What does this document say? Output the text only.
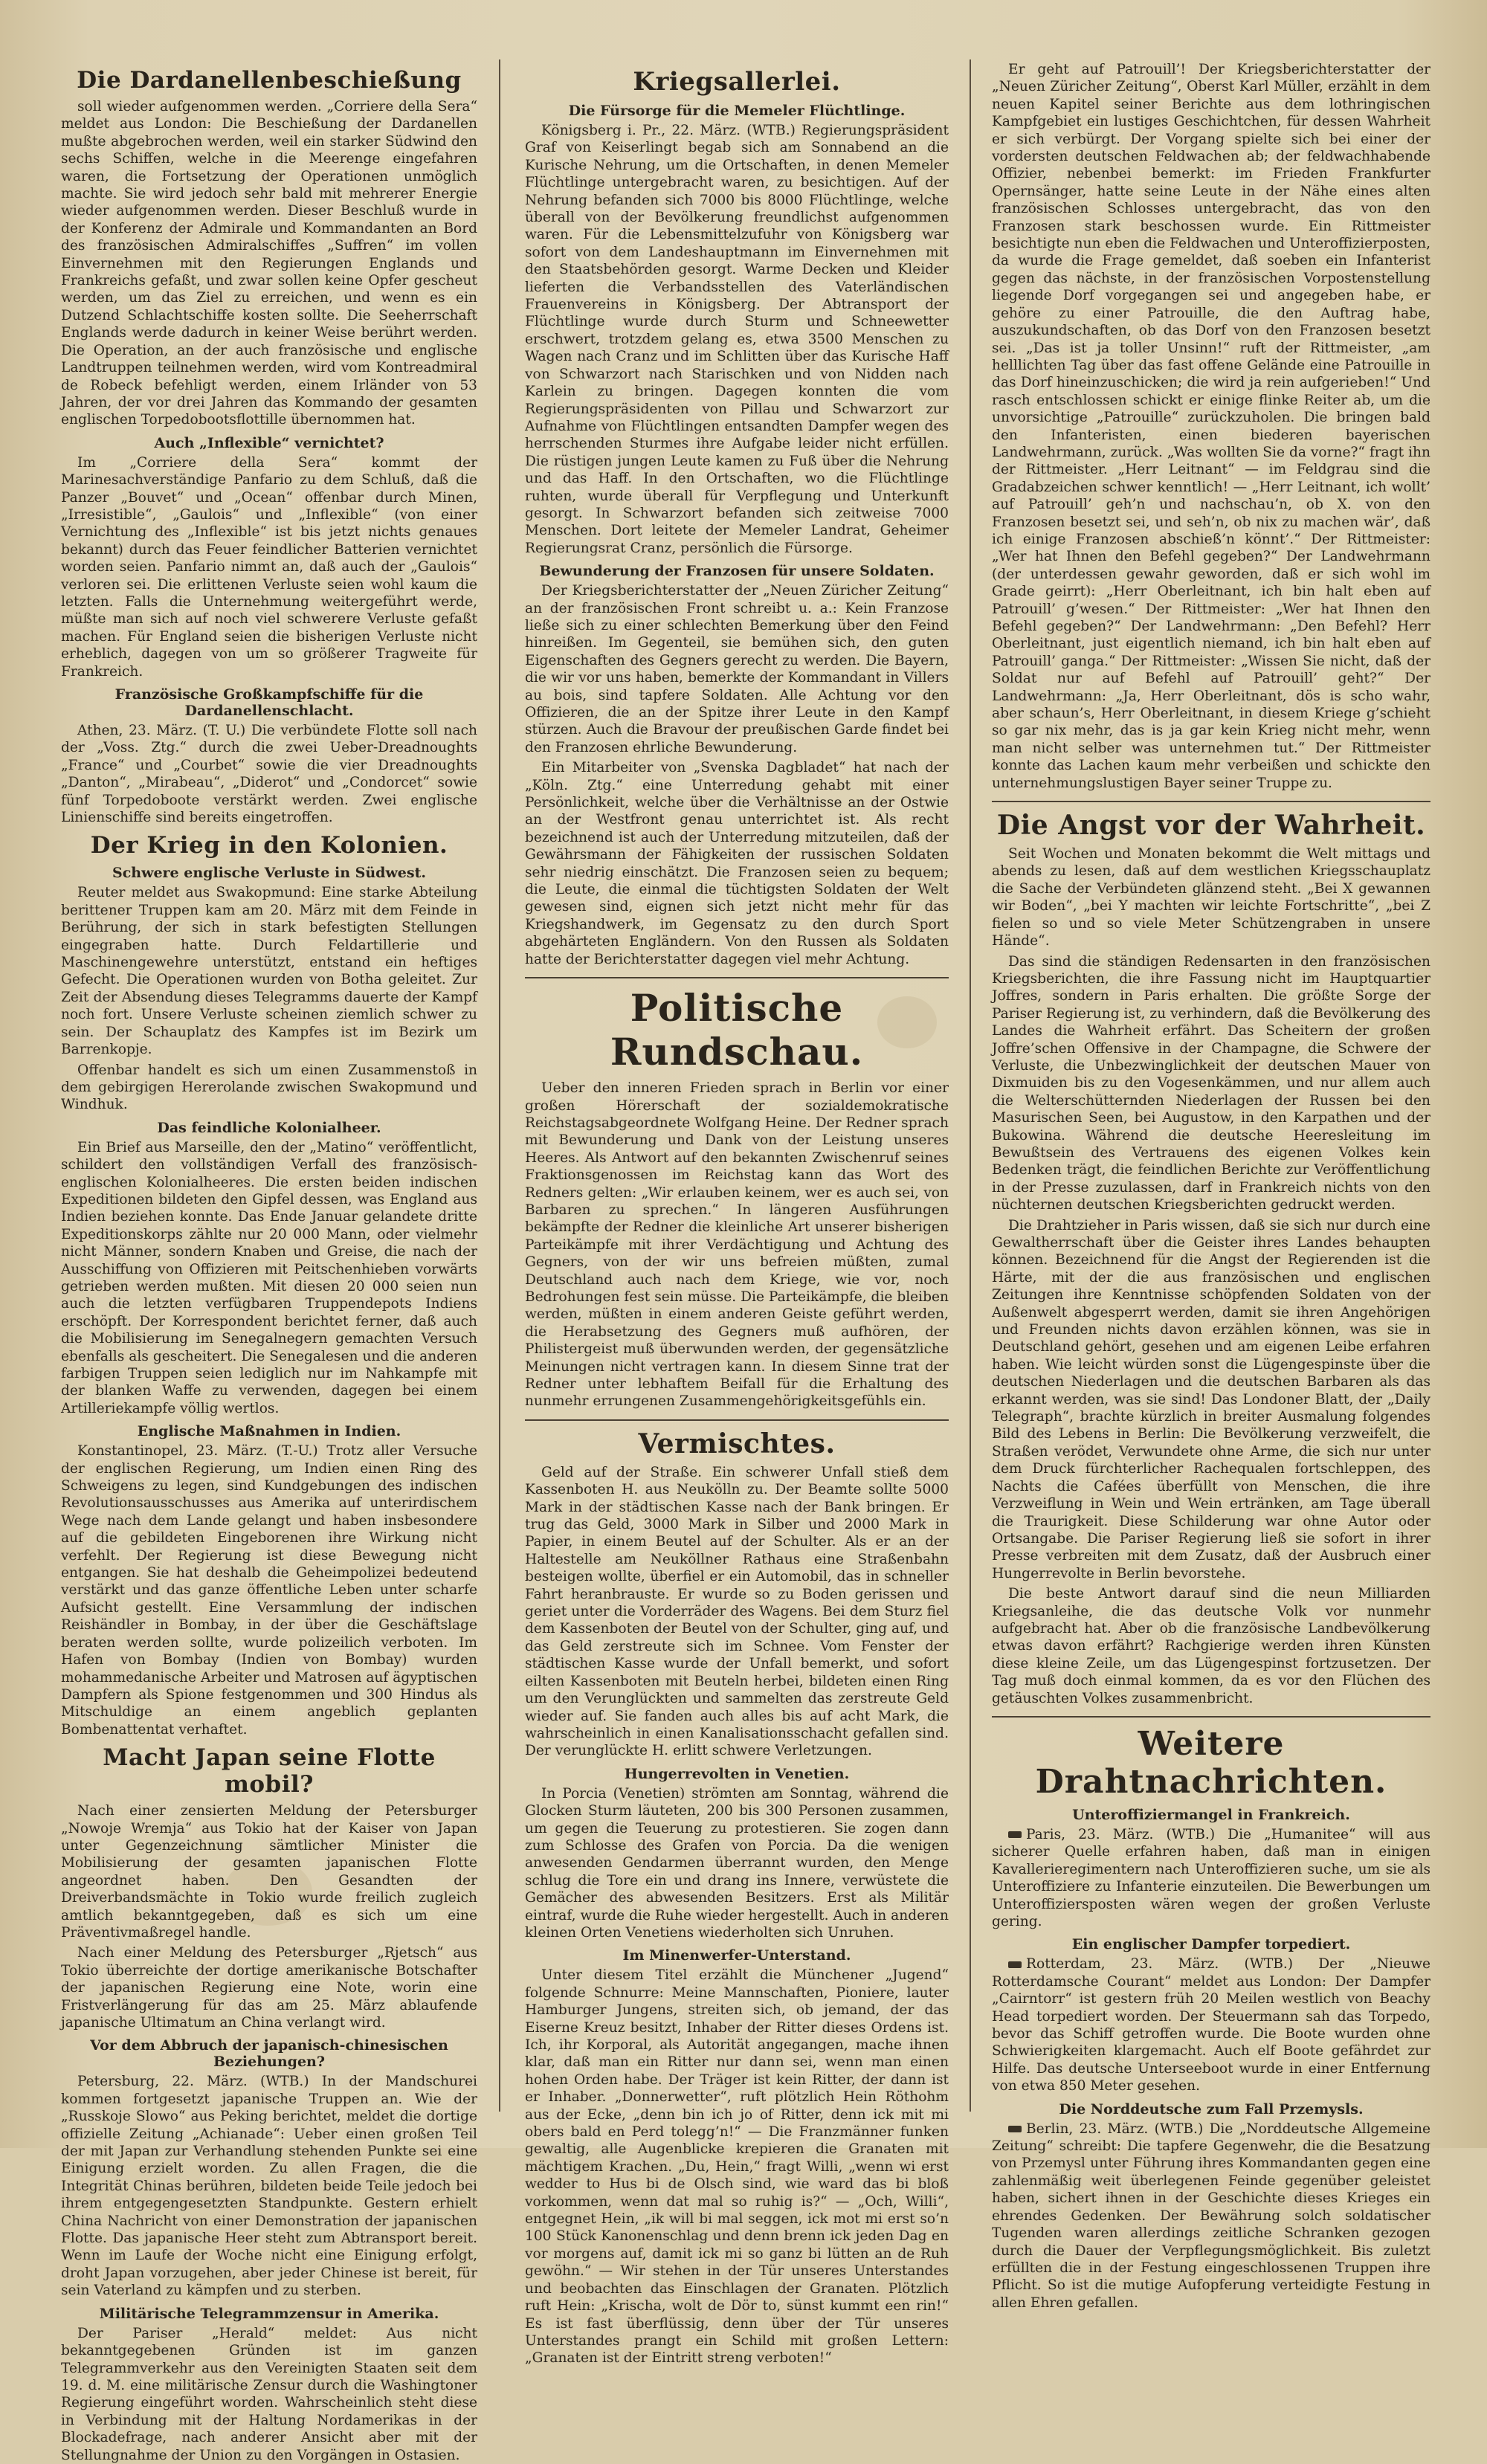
Die Dardanellenbeschießung

soll wieder aufgenommen werden. „Corriere della Sera“ meldet aus London: Die Beschießung der Dardanellen mußte abgebrochen werden, weil ein starker Südwind den sechs Schiffen, welche in die Meerenge eingefahren waren, die Fortsetzung der Operationen unmöglich machte. Sie wird jedoch sehr bald mit mehrerer Energie wieder aufgenommen werden. Dieser Beschluß wurde in der Konferenz der Admirale und Kommandanten an Bord des französischen Admiralschiffes „Suffren“ im vollen Einvernehmen mit den Regierungen Englands und Frankreichs gefaßt, und zwar sollen keine Opfer gescheut werden, um das Ziel zu erreichen, und wenn es ein Dutzend Schlachtschiffe kosten sollte. Die Seeherrschaft Englands werde dadurch in keiner Weise berührt werden. Die Operation, an der auch französische und englische Landtruppen teilnehmen werden, wird vom Kontreadmiral de Robeck befehligt werden, einem Irländer von 53 Jahren, der vor drei Jahren das Kommando der gesamten englischen Torpedobootsflottille übernommen hat.

Auch „Inflexible“ vernichtet?

Im „Corriere della Sera“ kommt der Marinesachverständige Panfario zu dem Schluß, daß die Panzer „Bouvet“ und „Ocean“ offenbar durch Minen, „Irresistible“, „Gaulois“ und „Inflexible“ (von einer Vernichtung des „Inflexible“ ist bis jetzt nichts genaues bekannt) durch das Feuer feindlicher Batterien vernichtet worden seien. Panfario nimmt an, daß auch der „Gaulois“ verloren sei. Die erlittenen Verluste seien wohl kaum die letzten. Falls die Unternehmung weitergeführt werde, müßte man sich auf noch viel schwerere Verluste gefaßt machen. Für England seien die bisherigen Verluste nicht erheblich, dagegen von um so größerer Tragweite für Frankreich.

Französische Großkampfschiffe für die Dardanellenschlacht.

Athen, 23. März. (T. U.) Die verbündete Flotte soll nach der „Voss. Ztg.“ durch die zwei Ueber-Dreadnoughts „France“ und „Courbet“ sowie die vier Dreadnoughts „Danton“, „Mirabeau“, „Diderot“ und „Condorcet“ sowie fünf Torpedoboote verstärkt werden. Zwei englische Linienschiffe sind bereits eingetroffen.

Der Krieg in den Kolonien.
Schwere englische Verluste in Südwest.

Reuter meldet aus Swakopmund: Eine starke Abteilung berittener Truppen kam am 20. März mit dem Feinde in Berührung, der sich in stark befestigten Stellungen eingegraben hatte. Durch Feldartillerie und Maschinengewehre unterstützt, entstand ein heftiges Gefecht. Die Operationen wurden von Botha geleitet. Zur Zeit der Absendung dieses Telegramms dauerte der Kampf noch fort. Unsere Verluste scheinen ziemlich schwer zu sein. Der Schauplatz des Kampfes ist im Bezirk um Barrenkopje.

Offenbar handelt es sich um einen Zusammenstoß in dem gebirgigen Hererolande zwischen Swakopmund und Windhuk.

Das feindliche Kolonialheer.

Ein Brief aus Marseille, den der „Matino“ veröffentlicht, schildert den vollständigen Verfall des französisch-englischen Kolonialheeres. Die ersten beiden indischen Expeditionen bildeten den Gipfel dessen, was England aus Indien beziehen konnte. Das Ende Januar gelandete dritte Expeditionskorps zählte nur 20 000 Mann, oder vielmehr nicht Männer, sondern Knaben und Greise, die nach der Ausschiffung von Offizieren mit Peitschenhieben vorwärts getrieben werden mußten. Mit diesen 20 000 seien nun auch die letzten verfügbaren Truppendepots Indiens erschöpft. Der Korrespondent berichtet ferner, daß auch die Mobilisierung im Senegalnegern gemachten Versuch ebenfalls als gescheitert. Die Senegalesen und die anderen farbigen Truppen seien lediglich nur im Nahkampfe mit der blanken Waffe zu verwenden, dagegen bei einem Artilleriekampfe völlig wertlos.

Englische Maßnahmen in Indien.

Konstantinopel, 23. März. (T.-U.) Trotz aller Versuche der englischen Regierung, um Indien einen Ring des Schweigens zu legen, sind Kundgebungen des indischen Revolutionsausschusses aus Amerika auf unterirdischem Wege nach dem Lande gelangt und haben insbesondere auf die gebildeten Eingeborenen ihre Wirkung nicht verfehlt. Der Regierung ist diese Bewegung nicht entgangen. Sie hat deshalb die Geheimpolizei bedeutend verstärkt und das ganze öffentliche Leben unter scharfe Aufsicht gestellt. Eine Versammlung der indischen Reishändler in Bombay, in der über die Geschäftslage beraten werden sollte, wurde polizeilich verboten. Im Hafen von Bombay (Indien von Bombay) wurden mohammedanische Arbeiter und Matrosen auf ägyptischen Dampfern als Spione festgenommen und 300 Hindus als Mitschuldige an einem angeblich geplanten Bombenattentat verhaftet.

Macht Japan seine Flotte mobil?

Nach einer zensierten Meldung der Petersburger „Nowoje Wremja“ aus Tokio hat der Kaiser von Japan unter Gegenzeichnung sämtlicher Minister die Mobilisierung der gesamten japanischen Flotte angeordnet haben. Den Gesandten der Dreiverbandsmächte in Tokio wurde freilich zugleich amtlich bekanntgegeben, daß es sich um eine Präventivmaßregel handle.

Nach einer Meldung des Petersburger „Rjetsch“ aus Tokio überreichte der dortige amerikanische Botschafter der japanischen Regierung eine Note, worin eine Fristverlängerung für das am 25. März ablaufende japanische Ultimatum an China verlangt wird.

Vor dem Abbruch der japanisch-chinesischen Beziehungen?

Petersburg, 22. März. (WTB.) In der Mandschurei kommen fortgesetzt japanische Truppen an. Wie der „Russkoje Slowo“ aus Peking berichtet, meldet die dortige offizielle Zeitung „Achianade“: Ueber einen großen Teil der mit Japan zur Verhandlung stehenden Punkte sei eine Einigung erzielt worden. Zu allen Fragen, die die Integrität Chinas berühren, bildeten beide Teile jedoch bei ihrem entgegengesetzten Standpunkte. Gestern erhielt China Nachricht von einer Demonstration der japanischen Flotte. Das japanische Heer steht zum Abtransport bereit. Wenn im Laufe der Woche nicht eine Einigung erfolgt, droht Japan vorzugehen, aber jeder Chinese ist bereit, für sein Vaterland zu kämpfen und zu sterben.

Militärische Telegrammzensur in Amerika.

Der Pariser „Herald“ meldet: Aus nicht bekanntgegebenen Gründen ist im ganzen Telegrammverkehr aus den Vereinigten Staaten seit dem 19. d. M. eine militärische Zensur durch die Washingtoner Regierung eingeführt worden. Wahrscheinlich steht diese in Verbindung mit der Haltung Nordamerikas in der Blockadefrage, nach anderer Ansicht aber mit der Stellungnahme der Union zu den Vorgängen in Ostasien.

Kriegsallerlei.
Die Fürsorge für die Memeler Flüchtlinge.

Königsberg i. Pr., 22. März. (WTB.) Regierungspräsident Graf von Keiserlingt begab sich am Sonnabend an die Kurische Nehrung, um die Ortschaften, in denen Memeler Flüchtlinge untergebracht waren, zu besichtigen. Auf der Nehrung befanden sich 7000 bis 8000 Flüchtlinge, welche überall von der Bevölkerung freundlichst aufgenommen waren. Für die Lebensmittelzufuhr von Königsberg war sofort von dem Landeshauptmann im Einvernehmen mit den Staatsbehörden gesorgt. Warme Decken und Kleider lieferten die Verbandsstellen des Vaterländischen Frauenvereins in Königsberg. Der Abtransport der Flüchtlinge wurde durch Sturm und Schneewetter erschwert, trotzdem gelang es, etwa 3500 Menschen zu Wagen nach Cranz und im Schlitten über das Kurische Haff von Schwarzort nach Starischken und von Nidden nach Karlein zu bringen. Dagegen konnten die vom Regierungspräsidenten von Pillau und Schwarzort zur Aufnahme von Flüchtlingen entsandten Dampfer wegen des herrschenden Sturmes ihre Aufgabe leider nicht erfüllen. Die rüstigen jungen Leute kamen zu Fuß über die Nehrung und das Haff. In den Ortschaften, wo die Flüchtlinge ruhten, wurde überall für Verpflegung und Unterkunft gesorgt. In Schwarzort befanden sich zeitweise 7000 Menschen. Dort leitete der Memeler Landrat, Geheimer Regierungsrat Cranz, persönlich die Fürsorge.

Bewunderung der Franzosen für unsere Soldaten.

Der Kriegsberichterstatter der „Neuen Züricher Zeitung“ an der französischen Front schreibt u. a.: Kein Franzose ließe sich zu einer schlechten Bemerkung über den Feind hinreißen. Im Gegenteil, sie bemühen sich, den guten Eigenschaften des Gegners gerecht zu werden. Die Bayern, die wir vor uns haben, bemerkte der Kommandant in Villers au bois, sind tapfere Soldaten. Alle Achtung vor den Offizieren, die an der Spitze ihrer Leute in den Kampf stürzen. Auch die Bravour der preußischen Garde findet bei den Franzosen ehrliche Bewunderung.

Ein Mitarbeiter von „Svenska Dagbladet“ hat nach der „Köln. Ztg.“ eine Unterredung gehabt mit einer Persönlichkeit, welche über die Verhältnisse an der Ostwie an der Westfront genau unterrichtet ist. Als recht bezeichnend ist auch der Unterredung mitzuteilen, daß der Gewährsmann der Fähigkeiten der russischen Soldaten sehr niedrig einschätzt. Die Franzosen seien zu bequem; die Leute, die einmal die tüchtigsten Soldaten der Welt gewesen sind, eignen sich jetzt nicht mehr für das Kriegshandwerk, im Gegensatz zu den durch Sport abgehärteten Engländern. Von den Russen als Soldaten hatte der Berichterstatter dagegen viel mehr Achtung.

Politische Rundschau.

Ueber den inneren Frieden sprach in Berlin vor einer großen Hörerschaft der sozialdemokratische Reichstagsabgeordnete Wolfgang Heine. Der Redner sprach mit Bewunderung und Dank von der Leistung unseres Heeres. Als Antwort auf den bekannten Zwischenruf seines Fraktionsgenossen im Reichstag kann das Wort des Redners gelten: „Wir erlauben keinem, wer es auch sei, von Barbaren zu sprechen.“ In längeren Ausführungen bekämpfte der Redner die kleinliche Art unserer bisherigen Parteikämpfe mit ihrer Verdächtigung und Achtung des Gegners, von der wir uns befreien müßten, zumal Deutschland auch nach dem Kriege, wie vor, noch Bedrohungen fest sein müsse. Die Parteikämpfe, die bleiben werden, müßten in einem anderen Geiste geführt werden, die Herabsetzung des Gegners muß aufhören, der Philistergeist muß überwunden werden, der gegensätzliche Meinungen nicht vertragen kann. In diesem Sinne trat der Redner unter lebhaftem Beifall für die Erhaltung des nunmehr errungenen Zusammengehörigkeitsgefühls ein.

Vermischtes.

Geld auf der Straße. Ein schwerer Unfall stieß dem Kassenboten H. aus Neukölln zu. Der Beamte sollte 5000 Mark in der städtischen Kasse nach der Bank bringen. Er trug das Geld, 3000 Mark in Silber und 2000 Mark in Papier, in einem Beutel auf der Schulter. Als er an der Haltestelle am Neuköllner Rathaus eine Straßenbahn besteigen wollte, überfiel er ein Automobil, das in schneller Fahrt heranbrauste. Er wurde so zu Boden gerissen und geriet unter die Vorderräder des Wagens. Bei dem Sturz fiel dem Kassenboten der Beutel von der Schulter, ging auf, und das Geld zerstreute sich im Schnee. Vom Fenster der städtischen Kasse wurde der Unfall bemerkt, und sofort eilten Kassenboten mit Beuteln herbei, bildeten einen Ring um den Verunglückten und sammelten das zerstreute Geld wieder auf. Sie fanden auch alles bis auf acht Mark, die wahrscheinlich in einen Kanalisationsschacht gefallen sind. Der verunglückte H. erlitt schwere Verletzungen.

Hungerrevolten in Venetien.

In Porcia (Venetien) strömten am Sonntag, während die Glocken Sturm läuteten, 200 bis 300 Personen zusammen, um gegen die Teuerung zu protestieren. Sie zogen dann zum Schlosse des Grafen von Porcia. Da die wenigen anwesenden Gendarmen überrannt wurden, den Menge schlug die Tore ein und drang ins Innere, verwüstete die Gemächer des abwesenden Besitzers. Erst als Militär eintraf, wurde die Ruhe wieder hergestellt. Auch in anderen kleinen Orten Venetiens wiederholten sich Unruhen.

Im Minenwerfer-Unterstand.

Unter diesem Titel erzählt die Münchener „Jugend“ folgende Schnurre: Meine Mannschaften, Pioniere, lauter Hamburger Jungens, streiten sich, ob jemand, der das Eiserne Kreuz besitzt, Inhaber der Ritter dieses Ordens ist. Ich, ihr Korporal, als Autorität angegangen, mache ihnen klar, daß man ein Ritter nur dann sei, wenn man einen hohen Orden habe. Der Träger ist kein Ritter, der dann ist er Inhaber. „Donnerwetter“, ruft plötzlich Hein Röthohm aus der Ecke, „denn bin ich jo of Ritter, denn ick mit mi obers bald en Perd tolegg’n!“ — Die Franzmänner funken gewaltig, alle Augenblicke krepieren die Granaten mit mächtigem Krachen. „Du, Hein,“ fragt Willi, „wenn wi erst wedder to Hus bi de Olsch sind, wie ward das bi bloß vorkommen, wenn dat mal so ruhig is?“ — „Och, Willi“, entgegnet Hein, „ik will bi mal seggen, ick mot mi erst so’n 100 Stück Kanonenschlag und denn brenn ick jeden Dag en vor morgens auf, damit ick mi so ganz bi lütten an de Ruh gewöhn.“ — Wir stehen in der Tür unseres Unterstandes und beobachten das Einschlagen der Granaten. Plötzlich ruft Hein: „Krischa, wolt de Dör to, sünst kummt een rin!“ Es ist fast überflüssig, denn über der Tür unseres Unterstandes prangt ein Schild mit großen Lettern: „Granaten ist der Eintritt streng verboten!“

Er geht auf Patrouill’! Der Kriegsberichterstatter der „Neuen Züricher Zeitung“, Oberst Karl Müller, erzählt in dem neuen Kapitel seiner Berichte aus dem lothringischen Kampfgebiet ein lustiges Geschichtchen, für dessen Wahrheit er sich verbürgt. Der Vorgang spielte sich bei einer der vordersten deutschen Feldwachen ab; der feldwachhabende Offizier, nebenbei bemerkt: im Frieden Frankfurter Opernsänger, hatte seine Leute in der Nähe eines alten französischen Schlosses untergebracht, das von den Franzosen stark beschossen wurde. Ein Rittmeister besichtigte nun eben die Feldwachen und Unteroffizierposten, da wurde die Frage gemeldet, daß soeben ein Infanterist gegen das nächste, in der französischen Vorpostenstellung liegende Dorf vorgegangen sei und angegeben habe, er gehöre zu einer Patrouille, die den Auftrag habe, auszukundschaften, ob das Dorf von den Franzosen besetzt sei. „Das ist ja toller Unsinn!“ ruft der Rittmeister, „am helllichten Tag über das fast offene Gelände eine Patrouille in das Dorf hineinzuschicken; die wird ja rein aufgerieben!“ Und rasch entschlossen schickt er einige flinke Reiter ab, um die unvorsichtige „Patrouille“ zurückzuholen. Die bringen bald den Infanteristen, einen biederen bayerischen Landwehrmann, zurück. „Was wollten Sie da vorne?“ fragt ihn der Rittmeister. „Herr Leitnant“ — im Feldgrau sind die Gradabzeichen schwer kenntlich! — „Herr Leitnant, ich wollt’ auf Patrouill’ geh’n und nachschau’n, ob X. von den Franzosen besetzt sei, und seh’n, ob nix zu machen wär’, daß ich einige Franzosen abschieß’n könnt’.“ Der Rittmeister: „Wer hat Ihnen den Befehl gegeben?“ Der Landwehrmann (der unterdessen gewahr geworden, daß er sich wohl im Grade geirrt): „Herr Oberleitnant, ich bin halt eben auf Patrouill’ g’wesen.“ Der Rittmeister: „Wer hat Ihnen den Befehl gegeben?“ Der Landwehrmann: „Den Befehl? Herr Oberleitnant, just eigentlich niemand, ich bin halt eben auf Patrouill’ ganga.“ Der Rittmeister: „Wissen Sie nicht, daß der Soldat nur auf Befehl auf Patrouill’ geht?“ Der Landwehrmann: „Ja, Herr Oberleitnant, dös is scho wahr, aber schaun’s, Herr Oberleitnant, in diesem Kriege g’schieht so gar nix mehr, das is ja gar kein Krieg nicht mehr, wenn man nicht selber was unternehmen tut.“ Der Rittmeister konnte das Lachen kaum mehr verbeißen und schickte den unternehmungslustigen Bayer seiner Truppe zu.

Die Angst vor der Wahrheit.

Seit Wochen und Monaten bekommt die Welt mittags und abends zu lesen, daß auf dem westlichen Kriegsschauplatz die Sache der Verbündeten glänzend steht. „Bei X gewannen wir Boden“, „bei Y machten wir leichte Fortschritte“, „bei Z fielen so und so viele Meter Schützengraben in unsere Hände“.

Das sind die ständigen Redensarten in den französischen Kriegsberichten, die ihre Fassung nicht im Hauptquartier Joffres, sondern in Paris erhalten. Die größte Sorge der Pariser Regierung ist, zu verhindern, daß die Bevölkerung des Landes die Wahrheit erfährt. Das Scheitern der großen Joffre’schen Offensive in der Champagne, die Schwere der Verluste, die Unbezwinglichkeit der deutschen Mauer von Dixmuiden bis zu den Vogesenkämmen, und nur allem auch die Welterschütternden Niederlagen der Russen bei den Masurischen Seen, bei Augustow, in den Karpathen und der Bukowina. Während die deutsche Heeresleitung im Bewußtsein des Vertrauens des eigenen Volkes kein Bedenken trägt, die feindlichen Berichte zur Veröffentlichung in der Presse zuzulassen, darf in Frankreich nichts von den nüchternen deutschen Kriegsberichten gedruckt werden.

Die Drahtzieher in Paris wissen, daß sie sich nur durch eine Gewaltherrschaft über die Geister ihres Landes behaupten können. Bezeichnend für die Angst der Regierenden ist die Härte, mit der die aus französischen und englischen Zeitungen ihre Kenntnisse schöpfenden Soldaten von der Außenwelt abgesperrt werden, damit sie ihren Angehörigen und Freunden nichts davon erzählen können, was sie in Deutschland gehört, gesehen und am eigenen Leibe erfahren haben. Wie leicht würden sonst die Lügengespinste über die deutschen Niederlagen und die deutschen Barbaren als das erkannt werden, was sie sind! Das Londoner Blatt, der „Daily Telegraph“, brachte kürzlich in breiter Ausmalung folgendes Bild des Lebens in Berlin: Die Bevölkerung verzweifelt, die Straßen verödet, Verwundete ohne Arme, die sich nur unter dem Druck fürchterlicher Rachequalen fortschleppen, des Nachts die Cafées überfüllt von Menschen, die ihre Verzweiflung in Wein und Wein ertränken, am Tage überall die Traurigkeit. Diese Schilderung war ohne Autor oder Ortsangabe. Die Pariser Regierung ließ sie sofort in ihrer Presse verbreiten mit dem Zusatz, daß der Ausbruch einer Hungerrevolte in Berlin bevorstehe.

Die beste Antwort darauf sind die neun Milliarden Kriegsanleihe, die das deutsche Volk vor nunmehr aufgebracht hat. Aber ob die französische Landbevölkerung etwas davon erfährt? Rachgierige werden ihren Künsten diese kleine Zeile, um das Lügengespinst fortzusetzen. Der Tag muß doch einmal kommen, da es vor den Flüchen des getäuschten Volkes zusammenbricht.

Weitere Drahtnachrichten.
Unteroffiziermangel in Frankreich.

Paris, 23. März. (WTB.) Die „Humanitee“ will aus sicherer Quelle erfahren haben, daß man in einigen Kavallerieregimentern nach Unteroffizieren suche, um sie als Unteroffiziere zu Infanterie einzuteilen. Die Bewerbungen um Unteroffiziersposten wären wegen der großen Verluste gering.

Ein englischer Dampfer torpediert.

Rotterdam, 23. März. (WTB.) Der „Nieuwe Rotterdamsche Courant“ meldet aus London: Der Dampfer „Cairntorr“ ist gestern früh 20 Meilen westlich von Beachy Head torpediert worden. Der Steuermann sah das Torpedo, bevor das Schiff getroffen wurde. Die Boote wurden ohne Schwierigkeiten klargemacht. Auch elf Boote gefährdet zur Hilfe. Das deutsche Unterseeboot wurde in einer Entfernung von etwa 850 Meter gesehen.

Die Norddeutsche zum Fall Przemysls.

Berlin, 23. März. (WTB.) Die „Norddeutsche Allgemeine Zeitung“ schreibt: Die tapfere Gegenwehr, die die Besatzung von Przemysl unter Führung ihres Kommandanten gegen eine zahlenmäßig weit überlegenen Feinde gegenüber geleistet haben, sichert ihnen in der Geschichte dieses Krieges ein ehrendes Gedenken. Der Bewährung solch soldatischer Tugenden waren allerdings zeitliche Schranken gezogen durch die Dauer der Verpflegungsmöglichkeit. Bis zuletzt erfüllten die in der Festung eingeschlossenen Truppen ihre Pflicht. So ist die mutige Aufopferung verteidigte Festung in allen Ehren gefallen.
